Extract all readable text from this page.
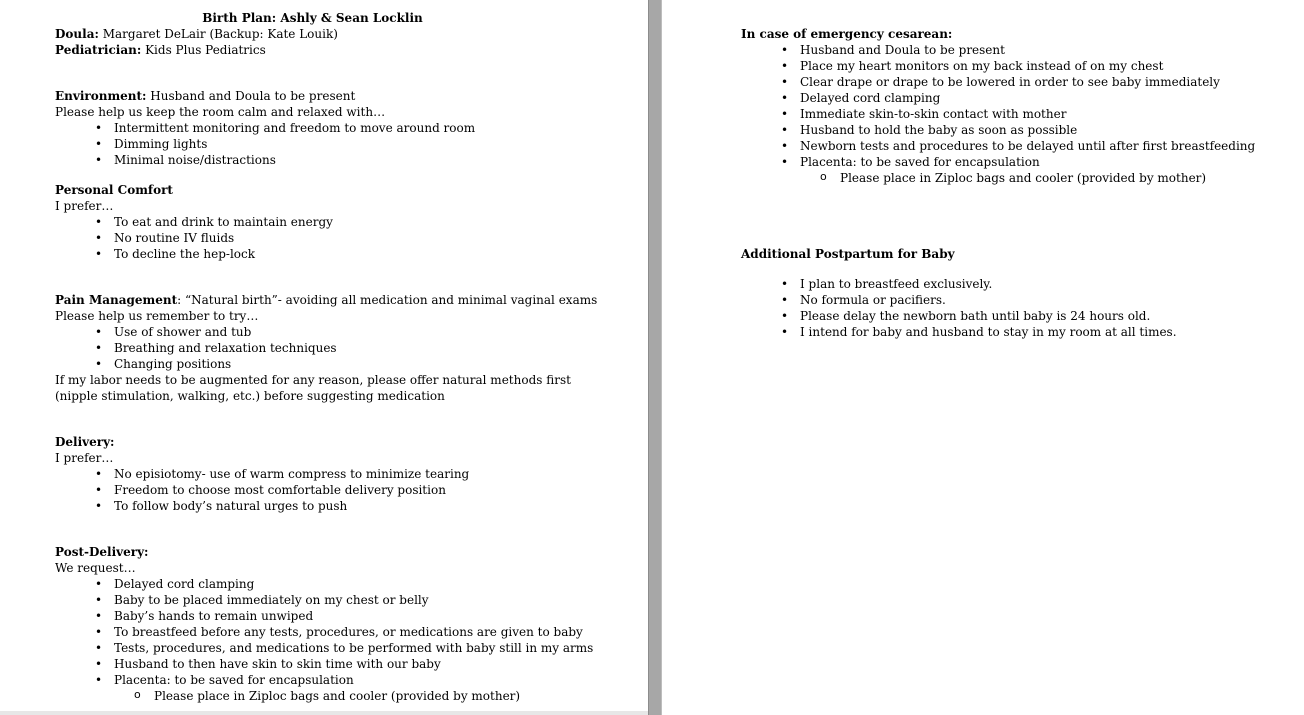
Birth Plan: Ashly & Sean Locklin
Doula: Margaret DeLair (Backup: Kate Louik)
Pediatrician: Kids Plus Pediatrics
Environment: Husband and Doula to be present
Please help us keep the room calm and relaxed with…
• Intermittent monitoring and freedom to move around room
• Dimming lights
• Minimal noise/distractions
Personal Comfort
I prefer…
• To eat and drink to maintain energy
• No routine IV fluids
• To decline the hep-lock
Pain Management: “Natural birth”- avoiding all medication and minimal vaginal exams
Please help us remember to try…
• Use of shower and tub
• Breathing and relaxation techniques
• Changing positions
If my labor needs to be augmented for any reason, please offer natural methods first
(nipple stimulation, walking, etc.) before suggesting medication
Delivery:
I prefer…
• No episiotomy- use of warm compress to minimize tearing
• Freedom to choose most comfortable delivery position
• To follow body’s natural urges to push
Post-Delivery:
We request…
• Delayed cord clamping
• Baby to be placed immediately on my chest or belly
• Baby’s hands to remain unwiped
• To breastfeed before any tests, procedures, or medications are given to baby
• Tests, procedures, and medications to be performed with baby still in my arms
• Husband to then have skin to skin time with our baby
• Placenta: to be saved for encapsulation
o Please place in Ziploc bags and cooler (provided by mother)
In case of emergency cesarean:
• Husband and Doula to be present
• Place my heart monitors on my back instead of on my chest
• Clear drape or drape to be lowered in order to see baby immediately
• Delayed cord clamping
• Immediate skin-to-skin contact with mother
• Husband to hold the baby as soon as possible
• Newborn tests and procedures to be delayed until after first breastfeeding
• Placenta: to be saved for encapsulation
o Please place in Ziploc bags and cooler (provided by mother)
Additional Postpartum for Baby
• I plan to breastfeed exclusively.
• No formula or pacifiers.
• Please delay the newborn bath until baby is 24 hours old.
• I intend for baby and husband to stay in my room at all times.
